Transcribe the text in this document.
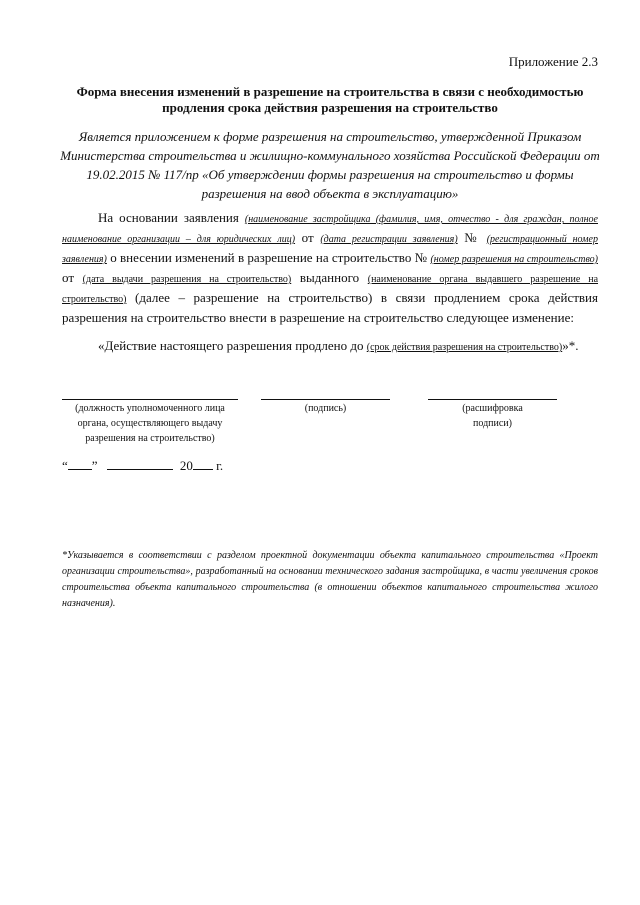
Приложение 2.3
Форма внесения изменений в разрешение на строительства в связи с необходимостью продления срока действия разрешения на строительство
Является приложением к форме разрешения на строительство, утвержденной Приказом Министерства строительства и жилищно-коммунального хозяйства Российской Федерации от 19.02.2015 № 117/пр «Об утверждении формы разрешения на строительство и формы разрешения на ввод объекта в эксплуатацию»
На основании заявления (наименование застройщика (фамилия, имя, отчество - для граждан, полное наименование организации – для юридических лиц) от (дата регистрации заявления) № (регистрационный номер заявления) о внесении изменений в разрешение на строительство № (номер разрешения на строительство) от (дата выдачи разрешения на строительство) выданного (наименование органа выдавшего разрешение на строительство) (далее – разрешение на строительство) в связи продлением срока действия разрешения на строительство внести в разрешение на строительство следующее изменение:
«Действие настоящего разрешения продлено до (срок действия разрешения на строительство)»*.
(должность уполномоченного лица органа, осуществляющего выдачу разрешения на строительство)
(подпись)	(расшифровка подписи)
“ ”	20 г.
*Указывается в соответствии с разделом проектной документации объекта капитального строительства «Проект организации строительства», разработанный на основании технического задания застройщика, в части увеличения сроков строительства объекта капитального строительства (в отношении объектов капитального строительства жилого назначения).
